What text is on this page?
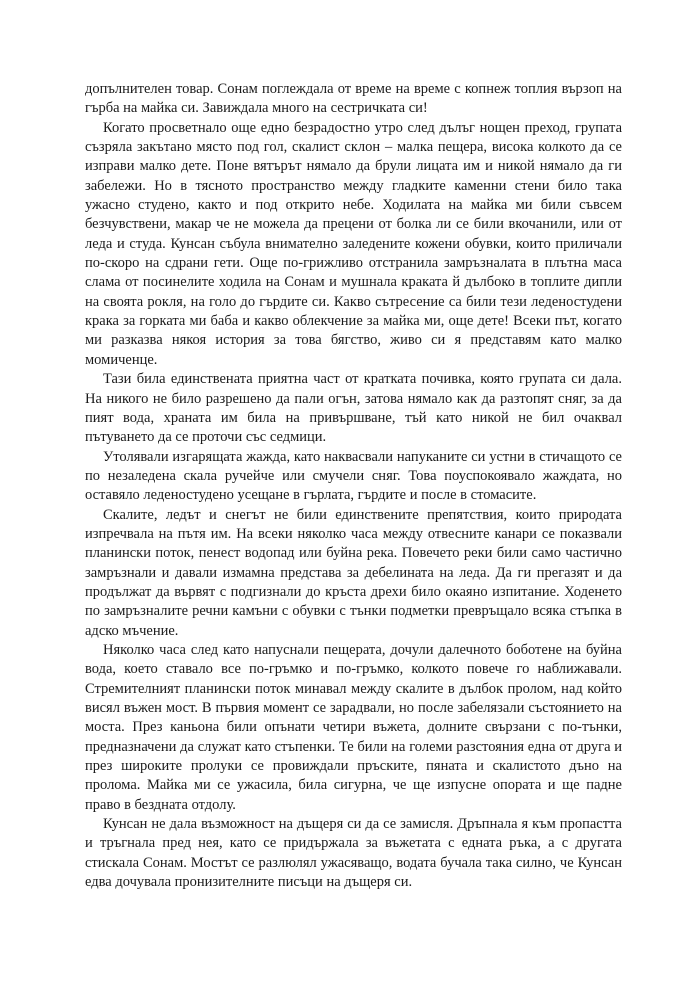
допълнителен товар. Сонам поглеждала от време на време с копнеж топлия вързоп на гърба на майка си. Завиждала много на сестричката си!

Когато просветнало още едно безрадостно утро след дълъг нощен преход, групата съзряла закътано място под гол, скалист склон – малка пещера, висока колкото да се изправи малко дете. Поне вятърът нямало да брули лицата им и никой нямало да ги забележи. Но в тясното пространство между гладките каменни стени било така ужасно студено, както и под открито небе. Ходилата на майка ми били съвсем безчувствени, макар че не можела да прецени от болка ли се били вкочанили, или от леда и студа. Кунсан събула внимателно заледените кожени обувки, които приличали по-скоро на сдрани гети. Още по-грижливо отстранила замръзналата в плътна маса слама от посинелите ходила на Сонам и мушнала краката й дълбоко в топлите дипли на своята рокля, на голо до гърдите си. Какво сътресение са били тези леденостудени крака за горката ми баба и какво облекчение за майка ми, още дете! Всеки път, когато ми разказва някоя история за това бягство, живо си я представям като малко момиченце.

Тази била единствената приятна част от кратката почивка, която групата си дала. На никого не било разрешено да пали огън, затова нямало как да разтопят сняг, за да пият вода, храната им била на привършване, тъй като никой не бил очаквал пътуването да се проточи със седмици.

Утолявали изгарящата жажда, като наквасвали напуканите си устни в стичащото се по незаледена скала ручейче или смучели сняг. Това поуспокоявало жаждата, но оставяло леденостудено усещане в гърлата, гърдите и после в стомасите.

Скалите, ледът и снегът не били единствените препятствия, които природата изпречвала на пътя им. На всеки няколко часа между отвесните канари се показвали планински поток, пенест водопад или буйна река. Повечето реки били само частично замръзнали и давали измамна представа за дебелината на леда. Да ги прегазят и да продължат да вървят с подгизнали до кръста дрехи било окаяно изпитание. Ходенето по замръзналите речни камъни с обувки с тънки подметки превръщало всяка стъпка в адско мъчение.

Няколко часа след като напуснали пещерата, дочули далечното боботене на буйна вода, което ставало все по-гръмко и по-гръмко, колкото повече го наближавали. Стремителният планински поток минавал между скалите в дълбок пролом, над който висял въжен мост. В първия момент се зарадвали, но после забелязали състоянието на моста. През каньона били опънати четири въжета, долните свързани с по-тънки, предназначени да служат като стъпенки. Те били на големи разстояния една от друга и през широките пролуки се провиждали пръските, пяната и скалистото дъно на пролома. Майка ми се ужасила, била сигурна, че ще изпусне опората и ще падне право в бездната отдолу.

Кунсан не дала възможност на дъщеря си да се замисля. Дръпнала я към пропастта и тръгнала пред нея, като се придържала за въжетата с едната ръка, а с другата стискала Сонам. Мостът се разлюлял ужасяващо, водата бучала така силно, че Кунсан едва дочувала пронизителните писъци на дъщеря си.
